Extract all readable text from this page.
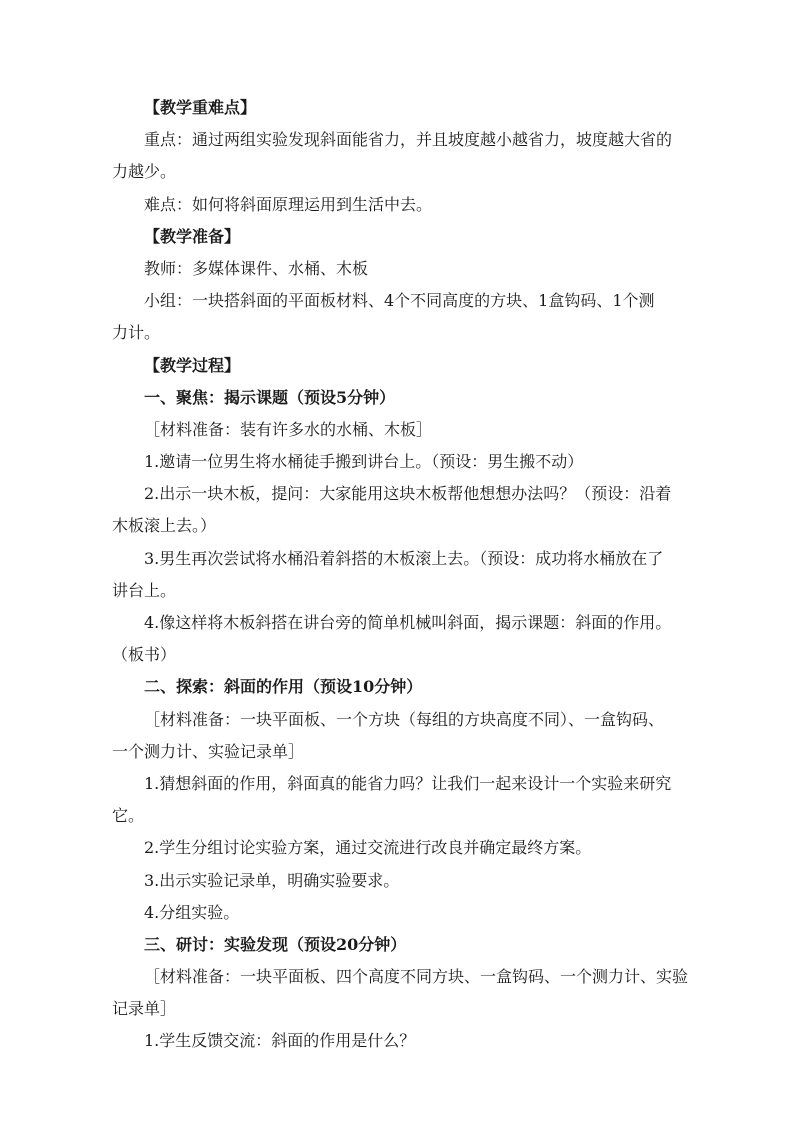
【教学重难点】
重点：通过两组实验发现斜面能省力，并且坡度越小越省力，坡度越大省的
力越少。
难点：如何将斜面原理运用到生活中去。
【教学准备】
教师：多媒体课件、水桶、木板
小组：一块搭斜面的平面板材料、4个不同高度的方块、1盒钩码、1个测
力计。
【教学过程】
一、聚焦：揭示课题（预设5分钟）
［材料准备：装有许多水的水桶、木板］
1.邀请一位男生将水桶徒手搬到讲台上。（预设：男生搬不动）
2.出示一块木板，提问：大家能用这块木板帮他想想办法吗？（预设：沿着
木板滚上去。）
3.男生再次尝试将水桶沿着斜搭的木板滚上去。（预设：成功将水桶放在了
讲台上。
4.像这样将木板斜搭在讲台旁的简单机械叫斜面，揭示课题：斜面的作用。
（板书）
二、探索：斜面的作用（预设10分钟）
［材料准备：一块平面板、一个方块（每组的方块高度不同）、一盒钩码、
一个测力计、实验记录单］
1.猜想斜面的作用，斜面真的能省力吗？让我们一起来设计一个实验来研究
它。
2.学生分组讨论实验方案，通过交流进行改良并确定最终方案。
3.出示实验记录单，明确实验要求。
4.分组实验。
三、研讨：实验发现（预设20分钟）
［材料准备：一块平面板、四个高度不同方块、一盒钩码、一个测力计、实验
记录单］
1.学生反馈交流：斜面的作用是什么？
